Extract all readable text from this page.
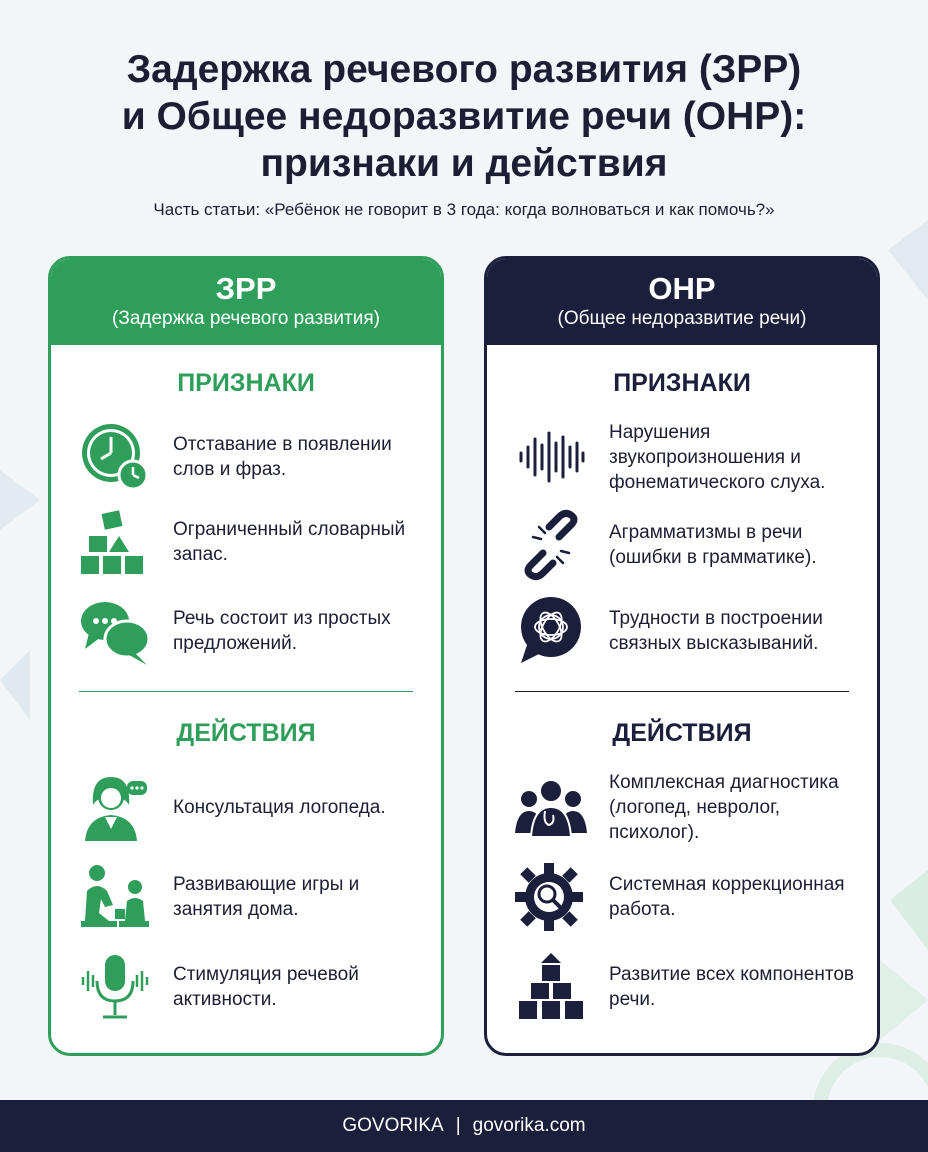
Задержка речевого развития (ЗРР)
и Общее недоразвитие речи (ОНР):
признаки и действия
Часть статьи: «Ребёнок не говорит в 3 года: когда волноваться и как помочь?»
ЗРР
(Задержка речевого развития)
ПРИЗНАКИ
Отставание в появлении слов и фраз.
Ограниченный словарный запас.
Речь состоит из простых предложений.
ДЕЙСТВИЯ
Консультация логопеда.
Развивающие игры и занятия дома.
Стимуляция речевой активности.
ОНР
(Общее недоразвитие речи)
ПРИЗНАКИ
Нарушения звукопроизношения и фонематического слуха.
Аграмматизмы в речи (ошибки в грамматике).
Трудности в построении связных высказываний.
ДЕЙСТВИЯ
Комплексная диагностика (логопед, невролог, психолог).
Системная коррекционная работа.
Развитие всех компонентов речи.
GOVORIKA | govorika.com
